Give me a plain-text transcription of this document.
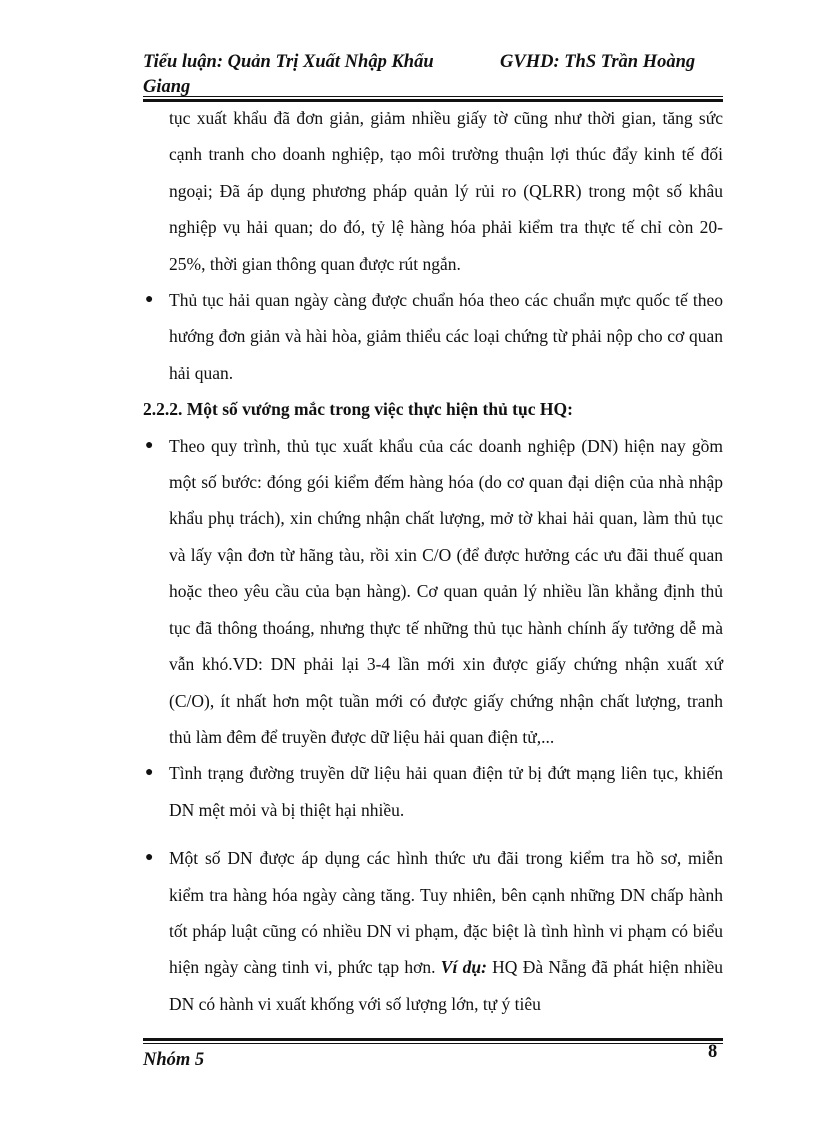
Tiểu luận: Quản Trị Xuất Nhập Khẩu Giang
GVHD: ThS Trần Hoàng

tục xuất khẩu đã đơn giản, giảm nhiều giấy tờ cũng như thời gian, tăng sức cạnh tranh cho doanh nghiệp, tạo môi trường thuận lợi thúc đẩy kinh tế đối ngoại; Đã áp dụng phương pháp quản lý rủi ro (QLRR) trong một số khâu nghiệp vụ hải quan; do đó, tỷ lệ hàng hóa phải kiểm tra thực tế chỉ còn 20-25%, thời gian thông quan được rút ngắn.

● Thủ tục hải quan ngày càng được chuẩn hóa theo các chuẩn mực quốc tế theo hướng đơn giản và hài hòa, giảm thiểu các loại chứng từ phải nộp cho cơ quan hải quan.

2.2.2. Một số vướng mắc trong việc thực hiện thủ tục HQ:

● Theo quy trình, thủ tục xuất khẩu của các doanh nghiệp (DN) hiện nay gồm một số bước: đóng gói kiểm đếm hàng hóa (do cơ quan đại diện của nhà nhập khẩu phụ trách), xin chứng nhận chất lượng, mở tờ khai hải quan, làm thủ tục và lấy vận đơn từ hãng tàu, rồi xin C/O (để được hưởng các ưu đãi thuế quan hoặc theo yêu cầu của bạn hàng). Cơ quan quản lý nhiều lần khẳng định thủ tục đã thông thoáng, nhưng thực tế những thủ tục hành chính ấy tưởng dễ mà vẫn khó.VD: DN phải lại 3-4 lần mới xin được giấy chứng nhận xuất xứ (C/O), ít nhất hơn một tuần mới có được giấy chứng nhận chất lượng, tranh thủ làm đêm để truyền được dữ liệu hải quan điện tử,...
● Tình trạng đường truyền dữ liệu hải quan điện tử bị đứt mạng liên tục, khiến DN mệt mỏi và bị thiệt hại nhiều.
● Một số DN được áp dụng các hình thức ưu đãi trong kiểm tra hồ sơ, miễn kiểm tra hàng hóa ngày càng tăng. Tuy nhiên, bên cạnh những DN chấp hành tốt pháp luật cũng có nhiều DN vi phạm, đặc biệt là tình hình vi phạm có biểu hiện ngày càng tinh vi, phức tạp hơn. Ví dụ: HQ Đà Nẵng đã phát hiện nhiều DN có hành vi xuất khống với số lượng lớn, tự ý tiêu
Nhóm 5	8
